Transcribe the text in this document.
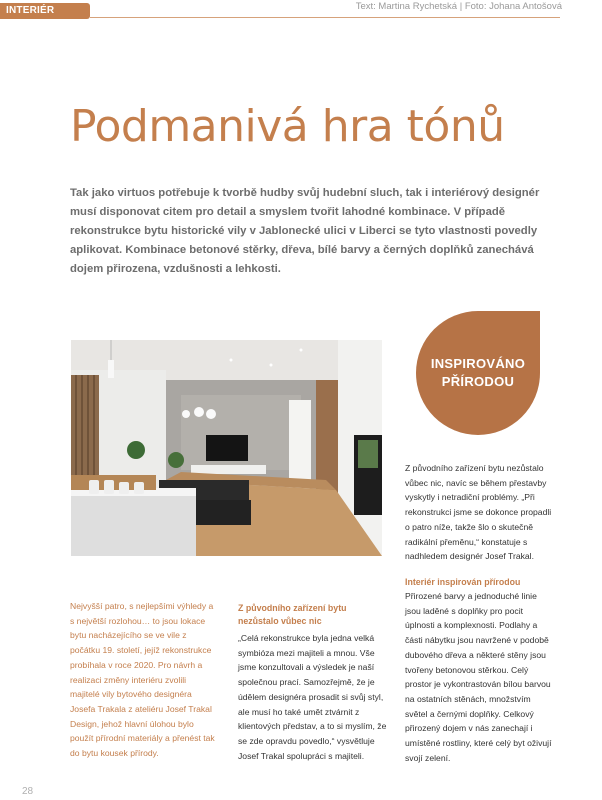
INTERIÉR	Text: Martina Rychetská | Foto: Johana Antošová
Podmanivá hra tónů

Tak jako virtuos potřebuje k tvorbě hudby svůj hudební sluch, tak i interiérový designér musí disponovat citem pro detail a smyslem tvořit lahodné kombinace. V případě rekonstrukce bytu historické vily v Jablonecké ulici v Liberci se tyto vlastnosti povedly aplikovat. Kombinace betonové stěrky, dřeva, bílé barvy a černých doplňků zanechává dojem přirozena, vzdušnosti a lehkosti.

INSPIROVÁNO
PŘÍRODOU

Z původního zařízení bytu nezůstalo vůbec nic, navíc se během přestavby vyskytly i netradiční problémy. „Při rekonstrukci jsme se dokonce propadli o patro níže, takže šlo o skutečně radikální přeměnu,“ konstatuje s nadhledem designér Josef Trakal.

Nejvyšší patro, s nejlepšími výhledy a s největší rozlohou… to jsou lokace bytu nacházejícího se ve vile z počátku 19. století, jejíž rekonstrukce probíhala v roce 2020. Pro návrh a realizaci změny interiéru zvolili majitelé vily bytového designéra Josefa Trakala z ateliéru Josef Trakal Design, jehož hlavní úlohou bylo použít přírodní materiály a přenést tak do bytu kousek přírody.

Z původního zařízení bytu nezůstalo vůbec nic

„Celá rekonstrukce byla jedna velká symbióza mezi majiteli a mnou. Vše jsme konzultovali a výsledek je naší společnou prací. Samozřejmě, že je údělem designéra prosadit si svůj styl, ale musí ho také umět ztvárnit z klientových představ, a to si myslím, že se zde opravdu povedlo,“ vysvětluje Josef Trakal spolupráci s majiteli.

Interiér inspirován přírodou

Přirozené barvy a jednoduché linie jsou laděné s doplňky pro pocit úplnosti a komplexnosti. Podlahy a části nábytku jsou navržené v podobě dubového dřeva a některé stěny jsou tvořeny betonovou stěrkou. Celý prostor je vykontrastován bílou barvou na ostatních stěnách, množstvím světel a černými doplňky. Celkový přirozený dojem v nás zanechají i umístěné rostliny, které celý byt oživují svojí zelení.

28
